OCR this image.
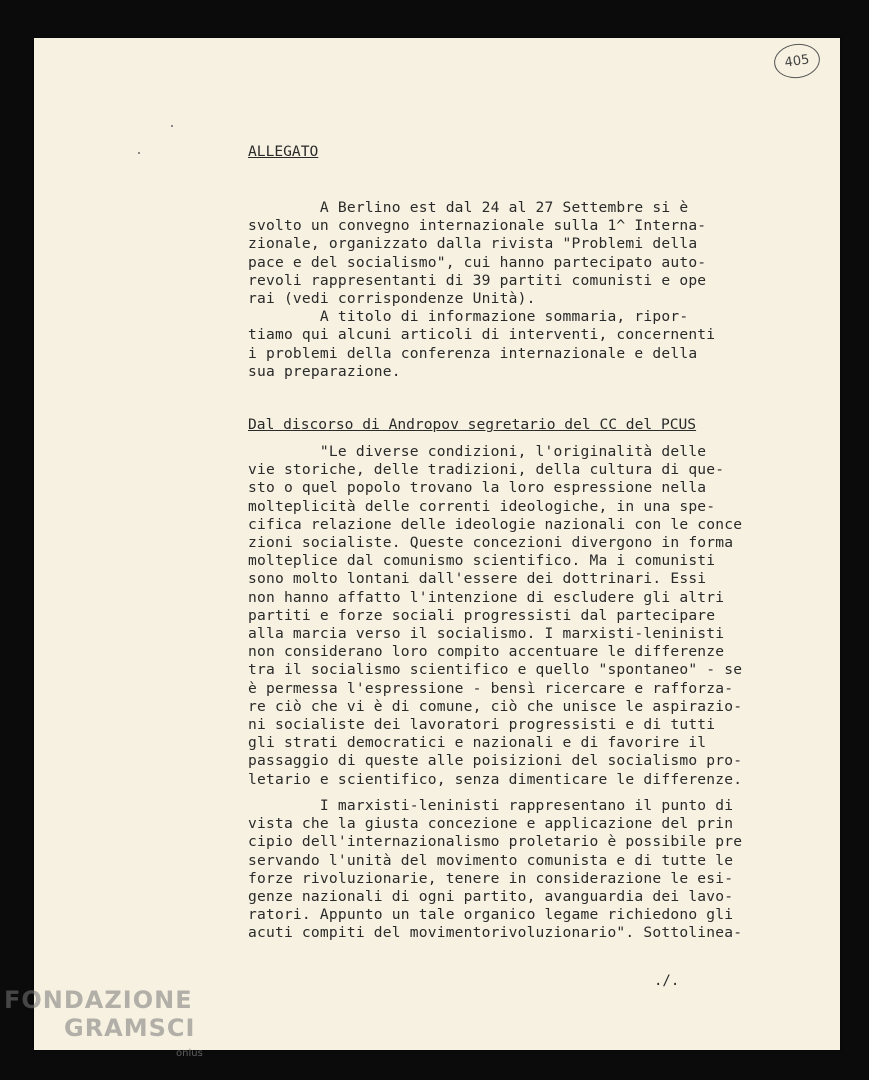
405
ALLEGATO
A Berlino est dal 24 al 27 Settembre si è
svolto un convegno internazionale sulla 1^ Interna-
zionale, organizzato dalla rivista "Problemi della
pace e del socialismo", cui hanno partecipato auto-
revoli rappresentanti di 39 partiti comunisti e ope
rai (vedi corrispondenze Unità).
A titolo di informazione sommaria, ripor-
tiamo qui alcuni articoli di interventi, concernenti
i problemi della conferenza internazionale e della
sua preparazione.
Dal discorso di Andropov segretario del CC del PCUS
"Le diverse condizioni, l'originalità delle
vie storiche, delle tradizioni, della cultura di que-
sto o quel popolo trovano la loro espressione nella
molteplicità delle correnti ideologiche, in una spe-
cifica relazione delle ideologie nazionali con le conce
zioni socialiste. Queste concezioni divergono in forma
molteplice dal comunismo scientifico. Ma i comunisti
sono molto lontani dall'essere dei dottrinari. Essi
non hanno affatto l'intenzione di escludere gli altri
partiti e forze sociali progressisti dal partecipare
alla marcia verso il socialismo. I marxisti-leninisti
non considerano loro compito accentuare le differenze
tra il socialismo scientifico e quello "spontaneo" - se
è permessa l'espressione - bensì ricercare e rafforza-
re ciò che vi è di comune, ciò che unisce le aspirazio-
ni socialiste dei lavoratori progressisti e di tutti
gli strati democratici e nazionali e di favorire il
passaggio di queste alle poisizioni del socialismo pro-
letario e scientifico, senza dimenticare le differenze.
I marxisti-leninisti rappresentano il punto di
vista che la giusta concezione e applicazione del prin
cipio dell'internazionalismo proletario è possibile pre
servando l'unità del movimento comunista e di tutte le
forze rivoluzionarie, tenere in considerazione le esi-
genze nazionali di ogni partito, avanguardia dei lavo-
ratori. Appunto un tale organico legame richiedono gli
acuti compiti del movimentorivoluzionario". Sottolinea-
./.
FONDAZIONE
GRAMSCI
onlus
